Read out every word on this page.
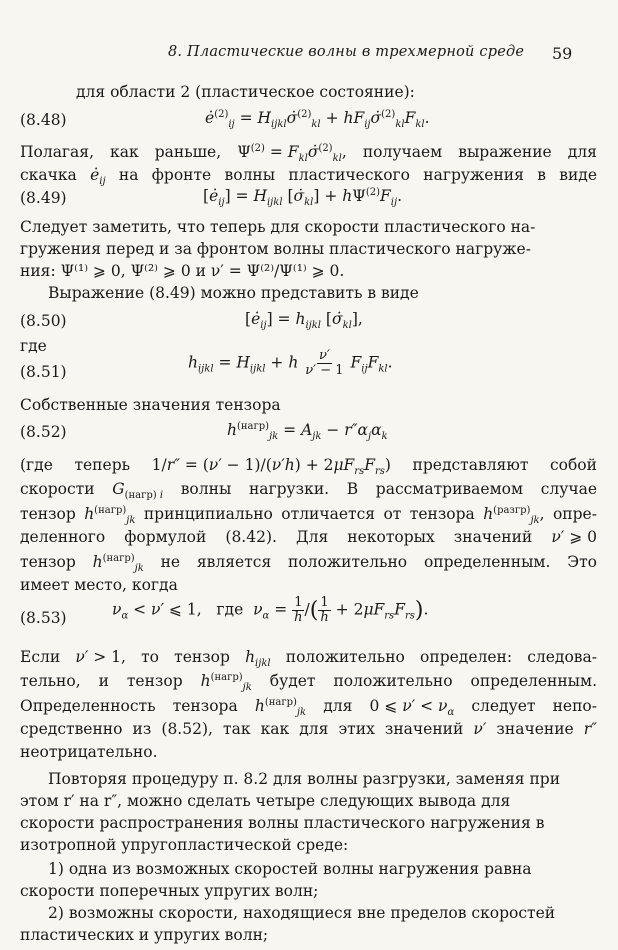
8. Пластические волны в трехмерной среде	59
для области 2 (пластическое состояние):
(8.48)	$ė^{(2)}_{ij}$ = $H_{ijkl}\sigmȧ^{(2)}_{kl}$ + $hF_{ij}\sigmȧ^{(2)}_{kl}F_{kl}$.
Полагая, как раньше, $\Psi^{(2)}$ = $F_{kl}\sigmȧ^{(2)}_{kl}$, получаем выражение для
скачка $ė_{ij}$ на фронте волны пластического нагружения в виде
(8.49)	$[ė_{ij}] = H_{ijkl}$ $[\sigmȧ_{kl}] + h\Psi^{(2)}F_{ij}$.
Следует заметить, что теперь для скорости пластического на-
гружения перед и за фронтом волны пластического нагруже-
ния: Ψ⁽¹⁾ ⩾ 0, Ψ⁽²⁾ ⩾ 0 и ν′ = Ψ⁽²⁾/Ψ⁽¹⁾ ⩾ 0.
Выражение (8.49) можно представить в виде
(8.50)	$[ė_{ij}] = h_{ijkl}$ $[\sigmȧ_{kl}]$,
где
(8.51)
$h_{ijkl} = H_{ijkl} + h \frac{\nu'}{\nu' - 1} F_{ij}F_{kl}$.
Собственные значения тензора
(8.52)	$h^{(нагр)}_{jk} = A_{jk} - r''\alpha_j\alpha_k$
(где теперь $1/r'' = (\nu' - 1)/(\nu'h) + 2\mu F_{rs}F_{rs}$) представляют собой
скорости $G_{(нагр) i}$ волны нагрузки. В рассматриваемом случае
тензор $h^{(нагр)}_{jk}$ принципиально отличается от тензора $h^{(разгр)}_{jk}$, опре-
деленного формулой (8.42). Для некоторых значений ν′ ⩾ 0
тензор $h^{(нагр)}_{jk}$ не является положительно определенным. Это
имеет место, когда
(8.53)	$\nu_\alpha < \nu'$ ⩽ 1,   где  $\nu_\alpha = \frac{1}{h}$ /( $\frac{1}{h} + 2\mu F_{rs}F_{rs}$).
Если ν′ > 1, то тензор $h_{ijkl}$ положительно определен: следова-
тельно, и тензор $h^{(нагр)}_{jk}$ будет положительно определенным.
Определенность тензора $h^{(нагр)}_{jk}$ для 0 ⩽ $\nu' < \nu_\alpha$ следует непо-
средственно из (8.52), так как для этих значений ν′ значение r″
неотрицательно.
Повторяя процедуру п. 8.2 для волны разгрузки, заменяя при
этом r′ на r″, можно сделать четыре следующих вывода для
скорости распространения волны пластического нагружения в
изотропной упругопластической среде:
1) одна из возможных скоростей волны нагружения равна
скорости поперечных упругих волн;
2) возможны скорости, находящиеся вне пределов скоростей
пластических и упругих волн;
